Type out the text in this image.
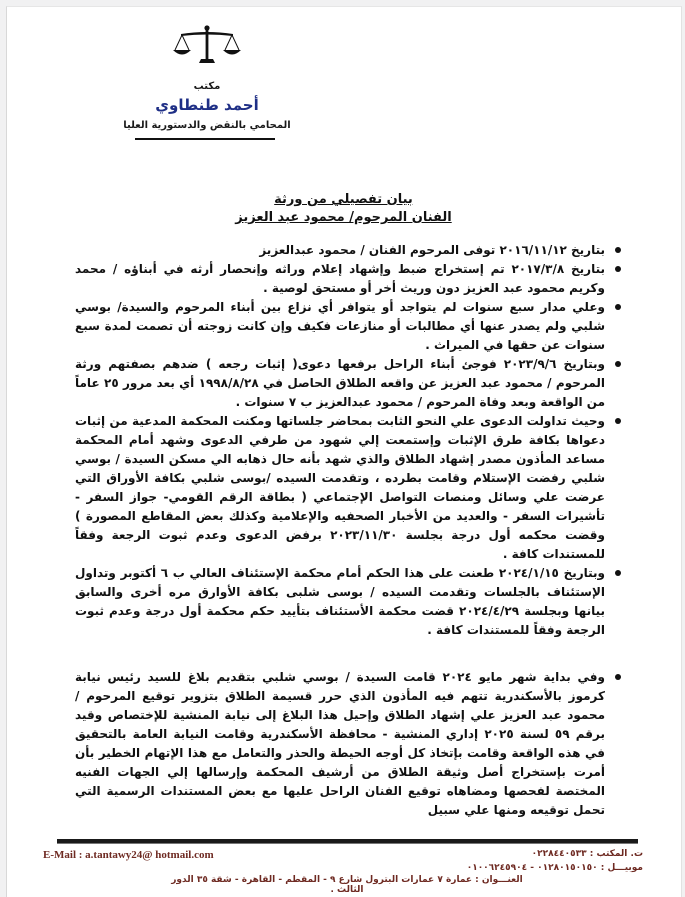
مكتب
أحمد طنطاوي
المحامي بالنقض والدستورية العليا
بيان تفصيلي من ورثة
الفنان المرحوم/ محمود عبد العزيز
بتاريخ ٢٠١٦/١١/١٢ توفى المرحوم الفنان / محمود عبدالعزيز
بتاريخ ٢٠١٧/٣/٨ تم إستخراج ضبط وإشهاد إعلام وراثه وإنحصار أرثه في أبناؤه / محمد وكريم محمود عبد العزيز دون وريث أخر أو مستحق لوصية .
وعلي مدار سبع سنوات لم يتواجد أو يتوافر أي نزاع بين أبناء المرحوم والسيدة/ بوسي شلبي ولم يصدر عنها أي مطالبات أو منازعات فكيف وإن كانت زوجته أن تصمت لمدة سبع سنوات عن حقها في الميراث .
وبتاريخ ٢٠٢٣/٩/٦ فوجئ أبناء الراحل برفعها دعوى( إثبات رجعه ) ضدهم بصفتهم ورثة المرحوم / محمود عبد العزيز عن واقعه الطلاق الحاصل في ١٩٩٨/٨/٢٨ أي بعد مرور ٢٥ عاماً من الواقعة وبعد وفاة المرحوم / محمود عبدالعزيز ب ٧ سنوات .
وحيث تداولت الدعوى علي النحو الثابت بمحاضر جلساتها ومكنت المحكمة المدعية من إثبات دعواها بكافة طرق الإثبات وإستمعت إلي شهود من طرفي الدعوى وشهد أمام المحكمة مساعد المأذون مصدر إشهاد الطلاق والذي شهد بأنه حال ذهابه الي مسكن السيدة / بوسي شلبي رفضت الإستلام وقامت بطرده ، وتقدمت السيده /بوسى شلبي بكافة الأوراق التي عرضت علي وسائل ومنصات التواصل الإجتماعي ( بطاقة الرقم القومي- جواز السفر - تأشيرات السفر - والعديد من الأخبار الصحفيه والإعلامية وكذلك بعض المقاطع المصورة ) وقضت محكمه أول درجة بجلسة ٢٠٢٣/١١/٣٠ برفض الدعوى وعدم ثبوت الرجعة وفقاً للمستندات كافة .
وبتاريخ ٢٠٢٤/١/١٥ طعنت على هذا الحكم أمام محكمة الإستئناف العالي ب ٦ أكتوبر وتداول الإستئناف بالجلسات وتقدمت السيده / بوسى شلبى بكافة الأوارق مره أخرى والسابق بيانها وبجلسة ٢٠٢٤/٤/٢٩ قضت محكمة الأستئناف بتأييد حكم محكمة أول درجة وعدم ثبوت الرجعة وفقاً للمستندات كافة .
وفي بداية شهر مايو ٢٠٢٤ قامت السيدة / بوسي شلبي بتقديم بلاغ للسيد رئيس نيابة كرموز بالأسكندرية تتهم فيه المأذون الذي حرر قسيمة الطلاق بتزوير توقيع المرحوم / محمود عبد العزيز علي إشهاد الطلاق وإحيل هذا البلاغ إلى نيابة المنشية للإختصاص وقيد برقم ٥٩ لسنة ٢٠٢٥ إداري المنشية - محافظة الأسكندرية وقامت النيابة العامة بالتحقيق في هذه الواقعة وقامت بإتخاذ كل أوجه الحيطة والحذر والتعامل مع هذا الإتهام الخطير بأن أمرت بإستخراج أصل وثيقة الطلاق من أرشيف المحكمة وإرسالها إلي الجهات الفنيه المختصة لفحصها ومضاهاه توقيع الفنان الراحل عليها مع بعض المستندات الرسمية التي تحمل توقيعه ومنها علي سبيل
E-Mail : a.tantawy24@ hotmail.com	ت. المكتب : ٠٢٢٨٤٤٠٥٣٣
موبيـــل : ٠١٢٨٠١٥٠١٥٠ - ٠١٠٠٦٢٤٥٩٠٤
العنـــوان : عمارة ٧ عمارات البترول شارع ٩ - المقطم - القاهرة - شقة ٣٥ الدور الثالث .
